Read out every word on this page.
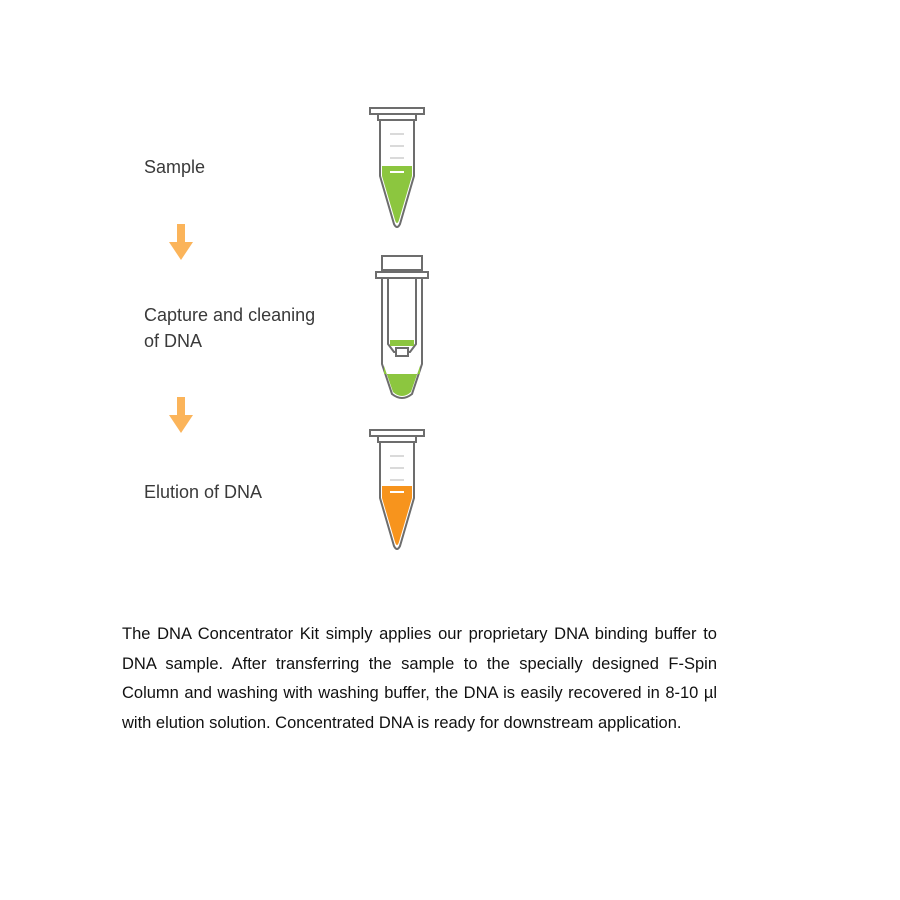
Sample
Capture and cleaning
of DNA
Elution of DNA

The DNA Concentrator Kit simply applies our proprietary DNA binding buffer to DNA sample. After transferring the sample to the specially designed F-Spin Column and washing with washing buffer, the DNA is easily recovered in 8-10 µl with elution solution. Concentrated DNA is ready for downstream application.
